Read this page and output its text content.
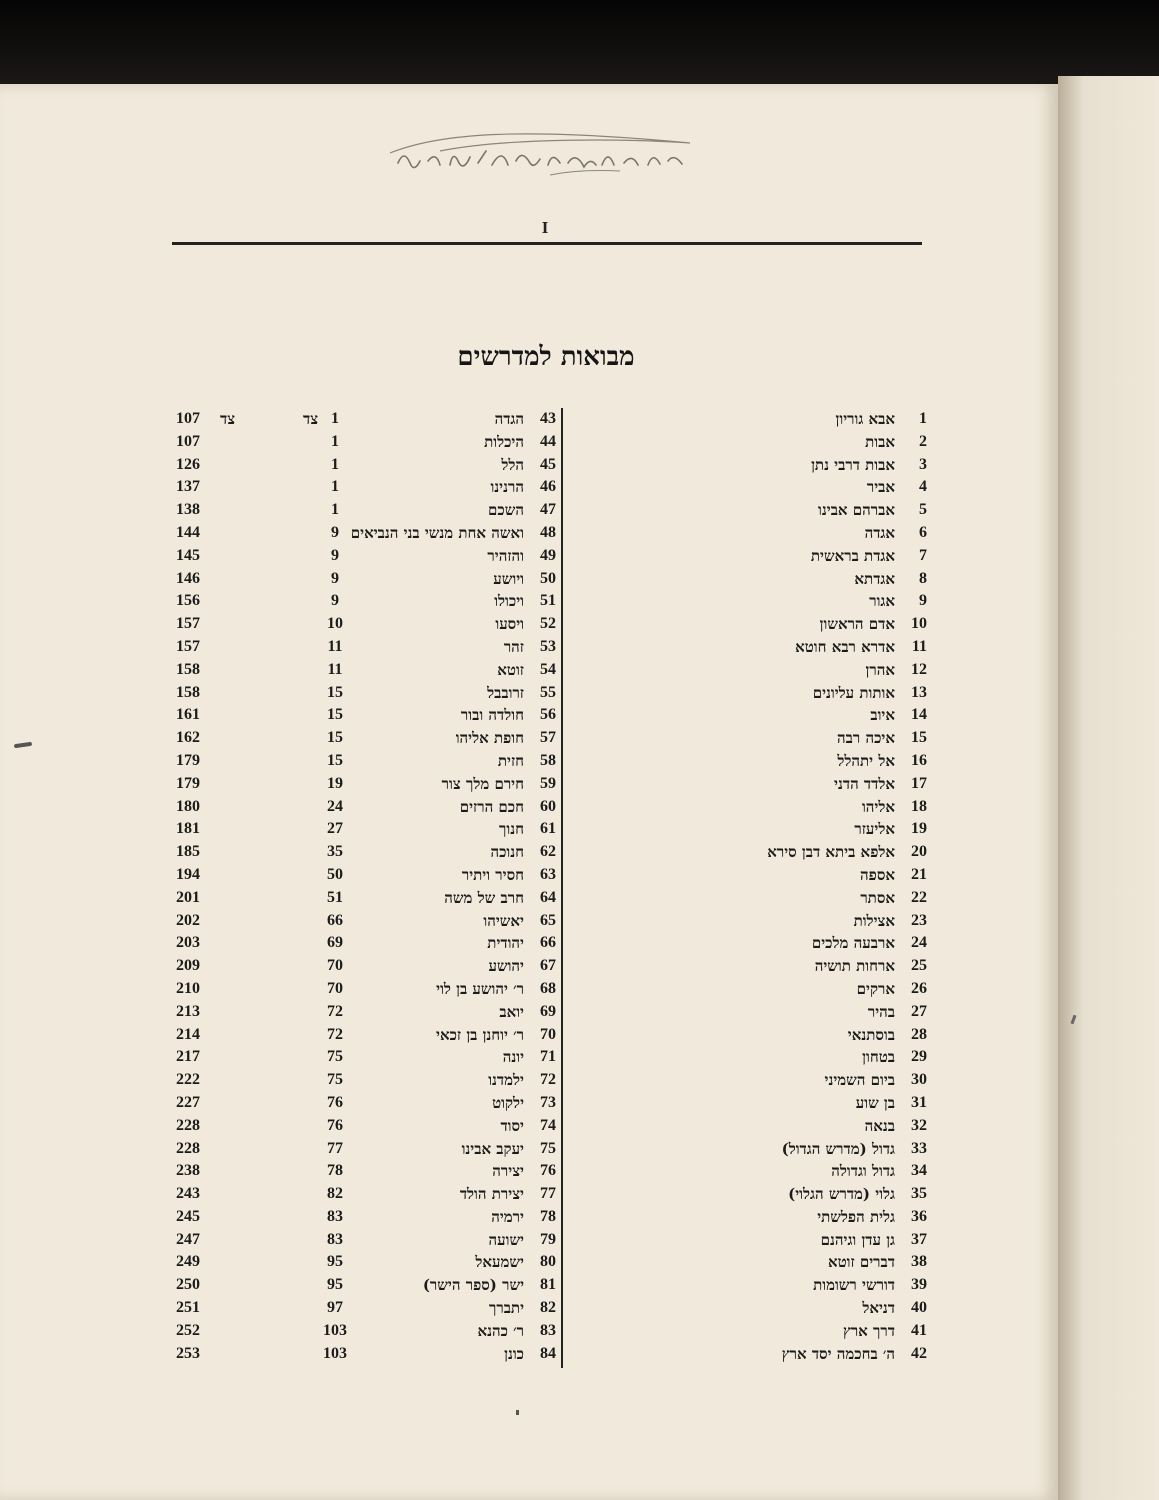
I
מבואות למדרשים
1
אבא גוריון
1
צד
2
אבות
1
3
אבות דרבי נתן
1
4
אביר
1
5
אברהם אבינו
1
6
אגדה
9
7
אגדת בראשית
9
8
אגדתא
9
9
אגור
9
10
אדם הראשון
10
11
אדרא רבא חוטא
11
12
אהרן
11
13
אותות עליונים
15
14
איוב
15
15
איכה רבה
15
16
אל יתהלל
15
17
אלדד הדני
19
18
אליהו
24
19
אליעזר
27
20
אלפא ביתא דבן סירא
35
21
אספה
50
22
אסתר
51
23
אצילות
66
24
ארבעה מלכים
69
25
ארחות תושיה
70
26
ארקים
70
27
בהיר
72
28
בוסתנאי
72
29
בטחון
75
30
ביום השמיני
75
31
בן שוע
76
32
בנאה
76
33
גדול (מדרש הגדול)
77
34
גדול וגדולה
78
35
גלוי (מדרש הגלוי)
82
36
גלית הפלשתי
83
37
גן עדן וגיהנם
83
38
דברים זוטא
95
39
דורשי רשומות
95
40
דניאל
97
41
דרך ארץ
103
42
ה׳ בחכמה יסד ארץ
103
43
הגדה
107	צד
44
היכלות
107
45
הלל
126
46
הרנינו
137
47
השכם
138
48
ואשה אחת מנשי בני הנביאים
144
49
והזהיר
145
50
ויושע
146
51
ויכולו
156
52
ויסעו
157
53
זהר
157
54
זוטא
158
55
זרובבל
158
56
חולדה ובור
161
57
חופת אליהו
162
58
חזית
179
59
חירם מלך צור
179
60
חכם הרזים
180
61
חנוך
181
62
חנוכה
185
63
חסיר ויתיר
194
64
חרב של משה
201
65
יאשיהו
202
66
יהודית
203
67
יהושע
209
68
ר׳ יהושע בן לוי
210
69
יואב
213
70
ר׳ יוחנן בן זכאי
214
71
יונה
217
72
ילמדנו
222
73
ילקוט
227
74
יסוד
228
75
יעקב אבינו
228
76
יצירה
238
77
יצירת הולד
243
78
ירמיה
245
79
ישועה
247
80
ישמעאל
249
81
ישר (ספר הישר)
250
82
יתברך
251
83
ר׳ כהנא
252
84
כונן
253
